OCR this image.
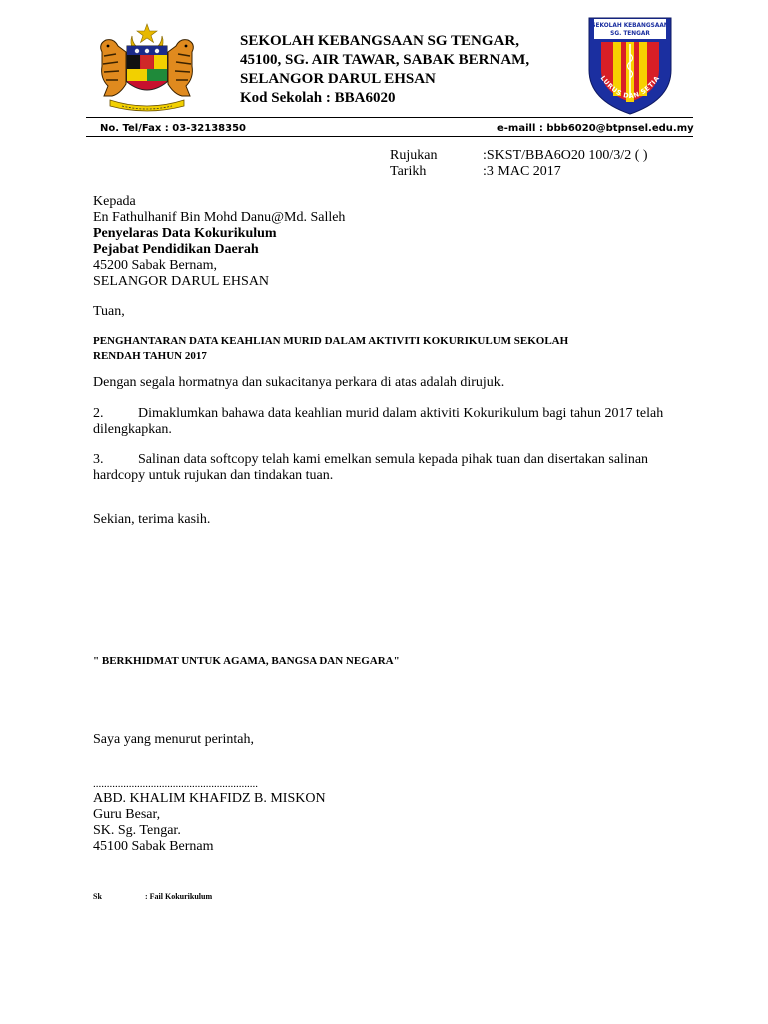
SEKOLAH KEBANGSAAN SG TENGAR,
45100, SG. AIR TAWAR, SABAK BERNAM,
SELANGOR DARUL EHSAN
Kod Sekolah : BBA6020
SEKOLAH KEBANGSAAN
SG. TENGAR
LURUS DAN SETIA
No. Tel/Fax : 03-32138350	e-maill : bbb6020@btpnsel.edu.my
Rujukan	:SKST/BBA6O20 100/3/2 ( )
Tarikh	:3 MAC 2017
Kepada
En Fathulhanif Bin Mohd Danu@Md. Salleh
Penyelaras Data Kokurikulum
Pejabat Pendidikan Daerah
45200 Sabak Bernam,
SELANGOR DARUL EHSAN
Tuan,
PENGHANTARAN DATA KEAHLIAN MURID DALAM AKTIVITI KOKURIKULUM SEKOLAH
RENDAH TAHUN 2017
Dengan segala hormatnya dan sukacitanya perkara di atas adalah dirujuk.
2. Dimaklumkan bahawa data keahlian murid dalam aktiviti Kokurikulum bagi tahun 2017 telah dilengkapkan.
3. Salinan data softcopy telah kami emelkan semula kepada pihak tuan dan disertakan salinan hardcopy untuk rujukan dan tindakan tuan.
Sekian, terima kasih.
" BERKHIDMAT UNTUK AGAMA, BANGSA DAN NEGARA"
Saya yang menurut perintah,
............................................................
ABD. KHALIM KHAFIDZ B. MISKON
Guru Besar,
SK. Sg. Tengar.
45100 Sabak Bernam
Sk	: Fail Kokurikulum
